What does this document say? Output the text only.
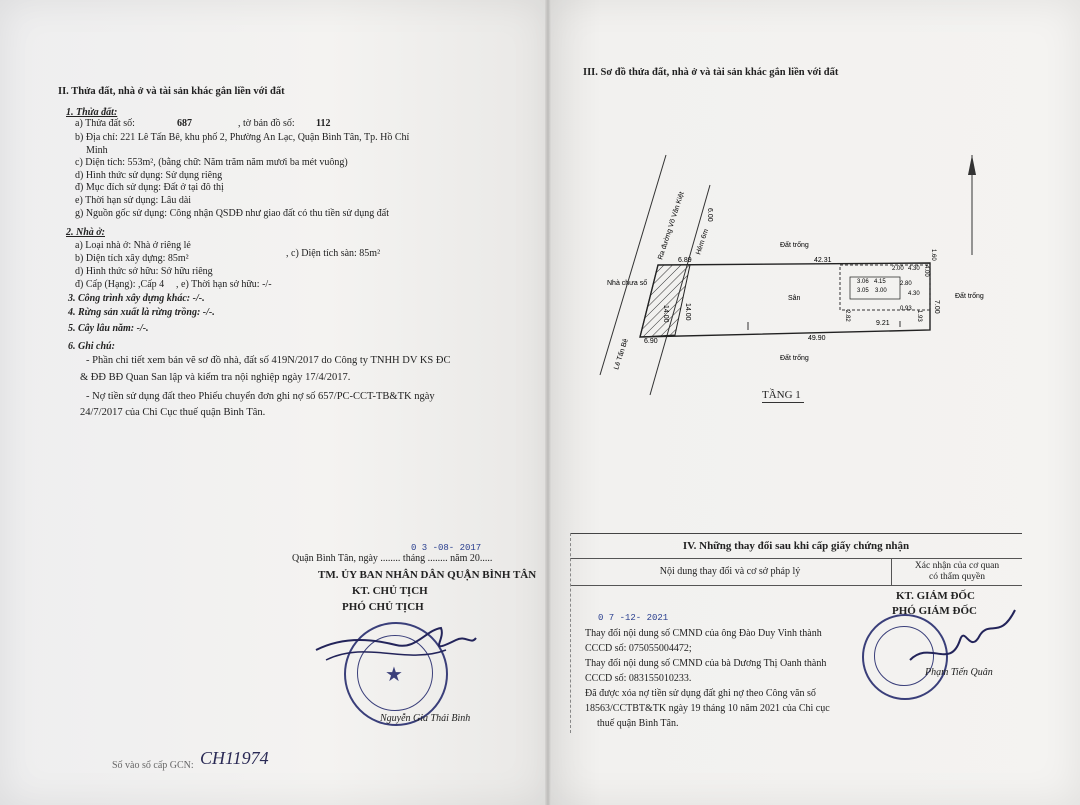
II. Thửa đất, nhà ở và tài sản khác gắn liền với đất
1. Thửa đất:
a) Thửa đất số:	687	, tờ bản đồ số: 112
b) Địa chỉ: 221 Lê Tấn Bê, khu phố 2, Phường An Lạc, Quận Bình Tân, Tp. Hồ Chí
Minh
c) Diện tích: 553m², (bằng chữ: Năm trăm năm mươi ba mét vuông)
d) Hình thức sử dụng: Sử dụng riêng
đ) Mục đích sử dụng: Đất ở tại đô thị
e) Thời hạn sử dụng: Lâu dài
g) Nguồn gốc sử dụng: Công nhận QSDĐ như giao đất có thu tiền sử dụng đất
2. Nhà ở:
a) Loại nhà ở: Nhà ở riêng lẻ
b) Diện tích xây dựng: 85m²	, c) Diện tích sàn: 85m²
d) Hình thức sở hữu: Sở hữu riêng
đ) Cấp (Hạng): ,Cấp 4 , e) Thời hạn sở hữu: -/-
3. Công trình xây dựng khác: -/-.
4. Rừng sản xuất là rừng trồng: -/-.
5. Cây lâu năm: -/-.
6. Ghi chú:
- Phần chi tiết xem bản vẽ sơ đồ nhà, đất số 419N/2017 do Công ty TNHH DV KS ĐC
& ĐĐ BĐ Quan San lập và kiểm tra nội nghiệp ngày 17/4/2017.
- Nợ tiền sử dụng đất theo Phiếu chuyển đơn ghi nợ số 657/PC-CCT-TB&TK ngày
24/7/2017 của Chi Cục thuế quận Bình Tân.
0 3 -08- 2017
Quận Bình Tân, ngày ........ tháng ........ năm 20.....
TM. ỦY BAN NHÂN DÂN QUẬN BÌNH TÂN
KT. CHỦ TỊCH
PHÓ CHỦ TỊCH
★
Nguyễn Gia Thái Bình
Số vào sổ cấp GCN: CH11974
III. Sơ đồ thửa đất, nhà ở và tài sản khác gắn liền với đất
Nhà chưa số
Đất trống
Đất trống
Đất trống
Sân
42.31
49.90
6.89
6.90
9.21
7.00
6.00
14.00 14.00
3.06 4.15
2.00 4.30
2.80
4.30
3.05 3.00
4.00
1.60
0.93
2.82	1.93
Ra đường Võ Văn Kiệt Hẻm 6m
Lê Tấn Bê
TẦNG 1
IV. Những thay đổi sau khi cấp giấy chứng nhận
Nội dung thay đổi và cơ sở pháp lý	Xác nhận của cơ quan
có thẩm quyền
0 7 -12- 2021
KT. GIÁM ĐỐC
PHÓ GIÁM ĐỐC
Thay đổi nội dung số CMND của ông Đào Duy Vinh thành
CCCD số: 075055004472;
Thay đổi nội dung số CMND của bà Dương Thị Oanh thành
CCCD số: 083155010233.
Đã được xóa nợ tiền sử dụng đất ghi nợ theo Công văn số
18563/CCTBT&TK ngày 19 tháng 10 năm 2021 của Chi cục
thuế quận Bình Tân.
Phạm Tiến Quân
